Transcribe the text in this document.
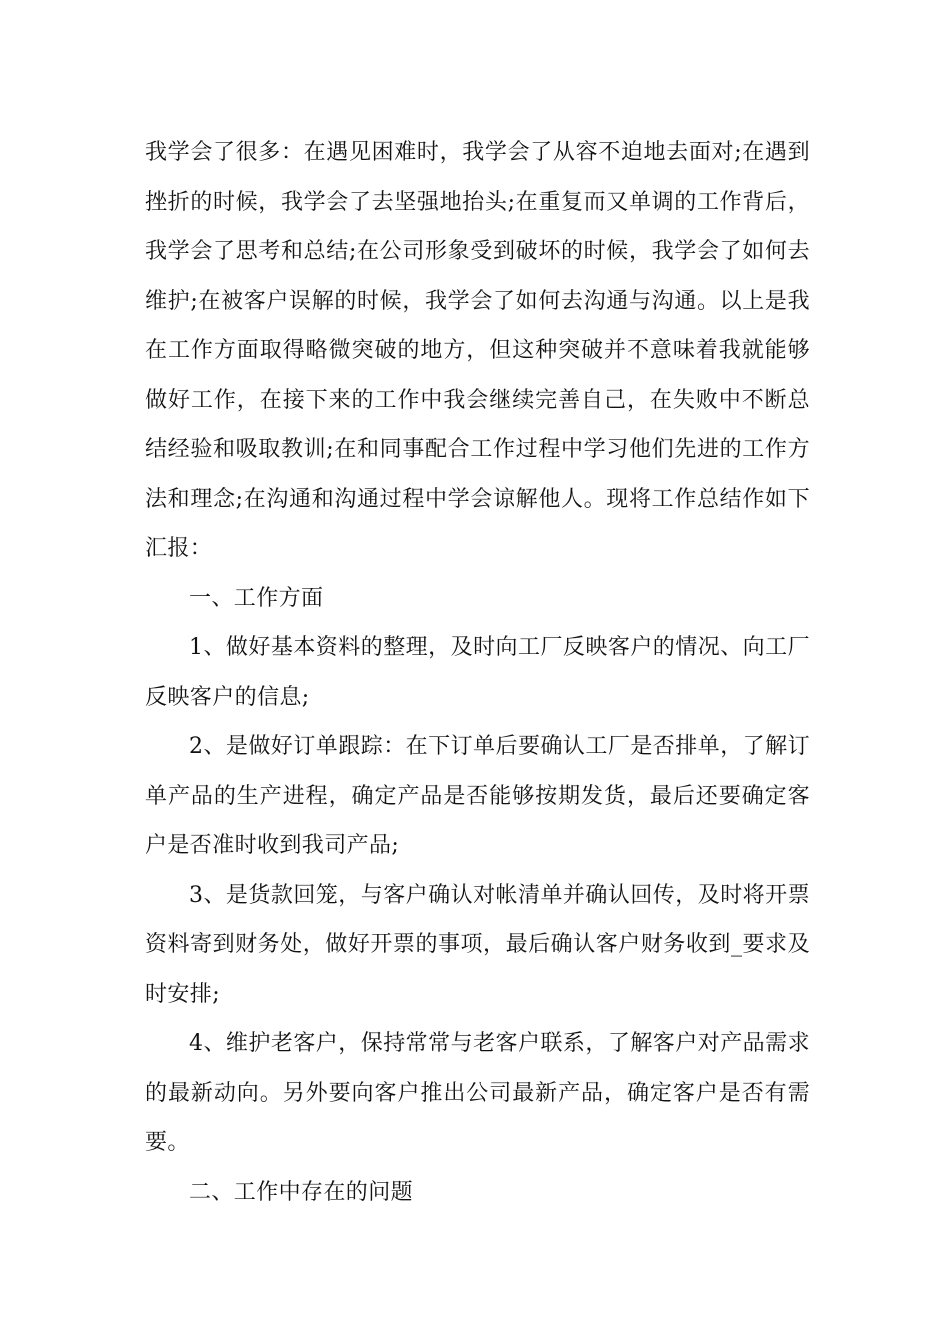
我学会了很多：在遇见困难时，我学会了从容不迫地去面对;在遇到挫折的时候，我学会了去坚强地抬头;在重复而又单调的工作背后，我学会了思考和总结;在公司形象受到破坏的时候，我学会了如何去维护;在被客户误解的时候，我学会了如何去沟通与沟通。以上是我在工作方面取得略微突破的地方，但这种突破并不意味着我就能够做好工作，在接下来的工作中我会继续完善自己，在失败中不断总结经验和吸取教训;在和同事配合工作过程中学习他们先进的工作方法和理念;在沟通和沟通过程中学会谅解他人。现将工作总结作如下汇报：

一、工作方面

1、做好基本资料的整理，及时向工厂反映客户的情况、向工厂反映客户的信息;

2、是做好订单跟踪：在下订单后要确认工厂是否排单，了解订单产品的生产进程，确定产品是否能够按期发货，最后还要确定客户是否准时收到我司产品;

3、是货款回笼，与客户确认对帐清单并确认回传，及时将开票资料寄到财务处，做好开票的事项，最后确认客户财务收到_要求及时安排;

4、维护老客户，保持常常与老客户联系，了解客户对产品需求的最新动向。另外要向客户推出公司最新产品，确定客户是否有需要。

二、工作中存在的问题
